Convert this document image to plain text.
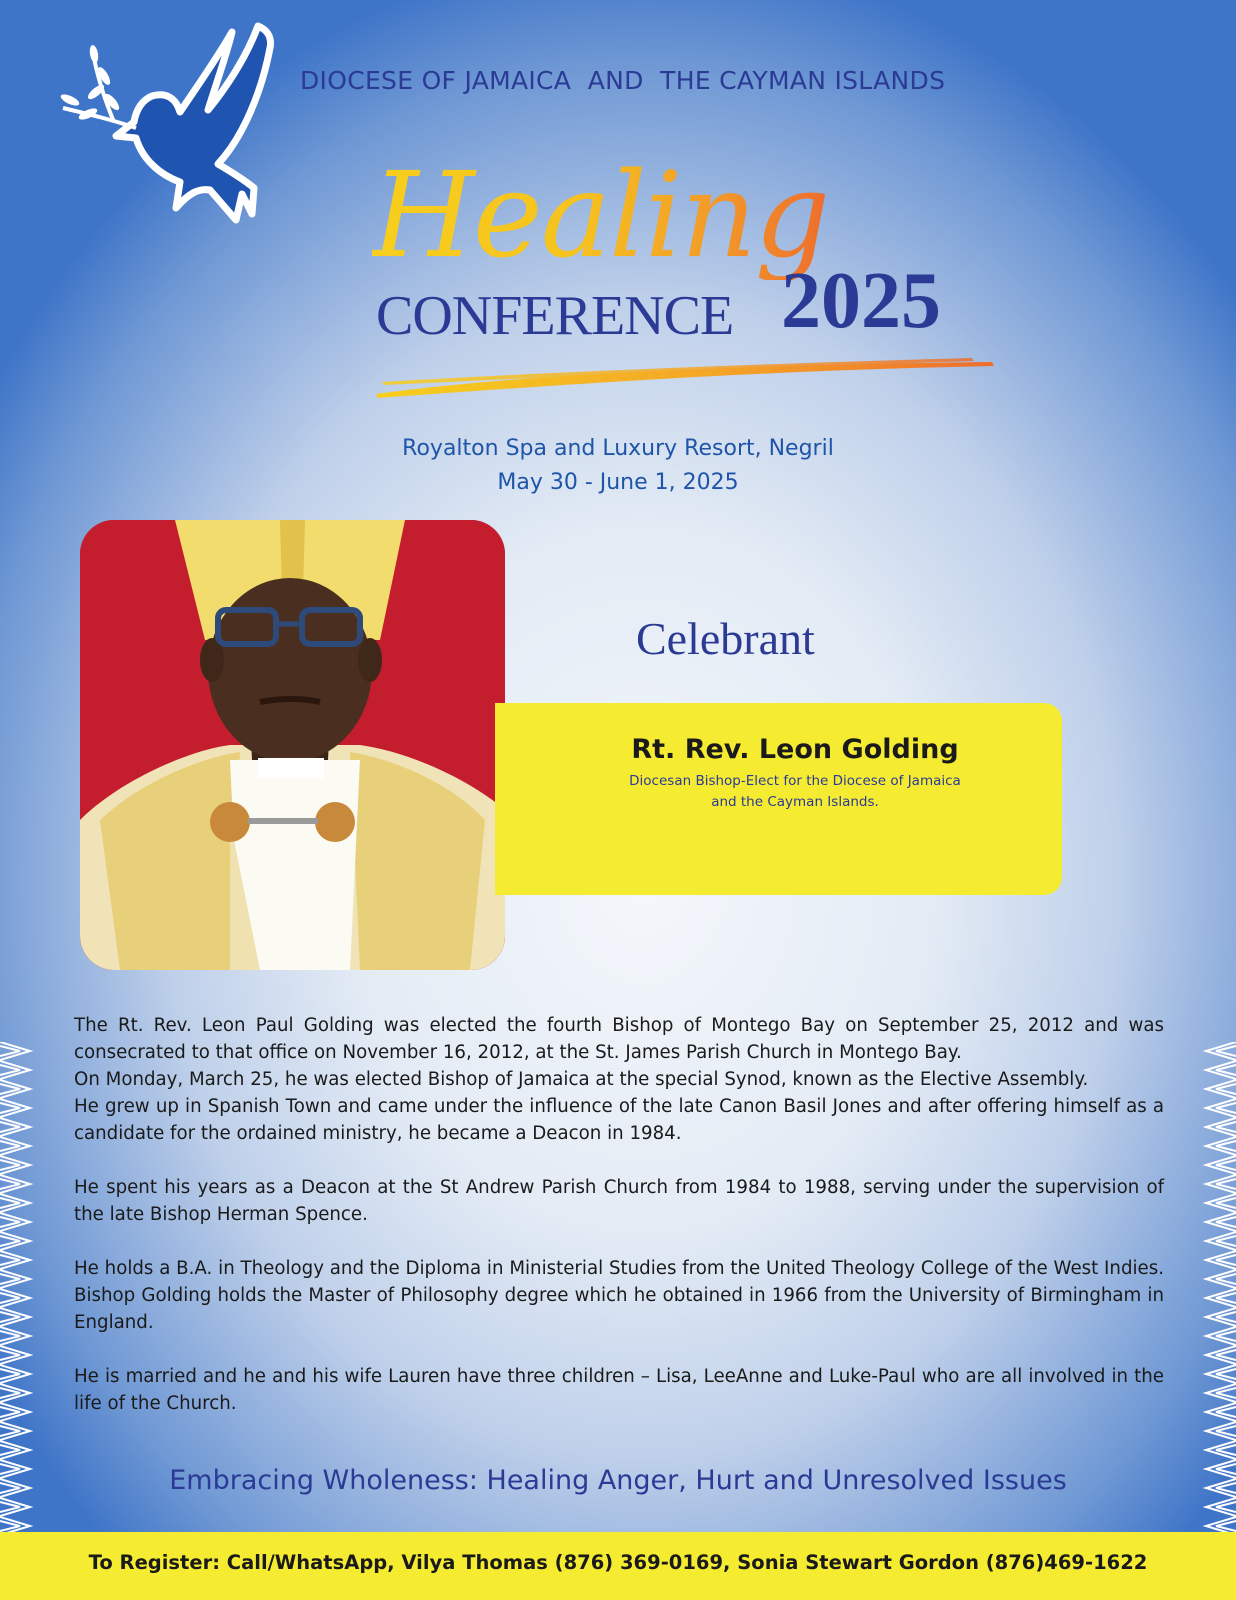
DIOCESE OF JAMAICA  AND  THE CAYMAN ISLANDS
Healing
CONFERENCE 2025
Royalton Spa and Luxury Resort, Negril
May 30 - June 1, 2025
Celebrant
Rt. Rev. Leon Golding
Diocesan Bishop-Elect for the Diocese of Jamaica and the Cayman Islands.

The Rt. Rev. Leon Paul Golding was elected the fourth Bishop of Montego Bay on September 25, 2012 and was consecrated to that office on November 16, 2012, at the St. James Parish Church in Montego Bay.

On Monday, March 25, he was elected Bishop of Jamaica at the special Synod, known as the Elective Assembly.

He grew up in Spanish Town and came under the influence of the late Canon Basil Jones and after offering himself as a candidate for the ordained ministry, he became a Deacon in 1984.

He spent his years as a Deacon at the St Andrew Parish Church from 1984 to 1988, serving under the supervision of the late Bishop Herman Spence.

He holds a B.A. in Theology and the Diploma in Ministerial Studies from the United Theology College of the West Indies. Bishop Golding holds the Master of Philosophy degree which he obtained in 1966 from the University of Birmingham in England.

He is married and he and his wife Lauren have three children – Lisa, LeeAnne and Luke-Paul who are all involved in the life of the Church.

Embracing Wholeness: Healing Anger, Hurt and Unresolved Issues
To Register: Call/WhatsApp, Vilya Thomas (876) 369-0169, Sonia Stewart Gordon (876)469-1622
